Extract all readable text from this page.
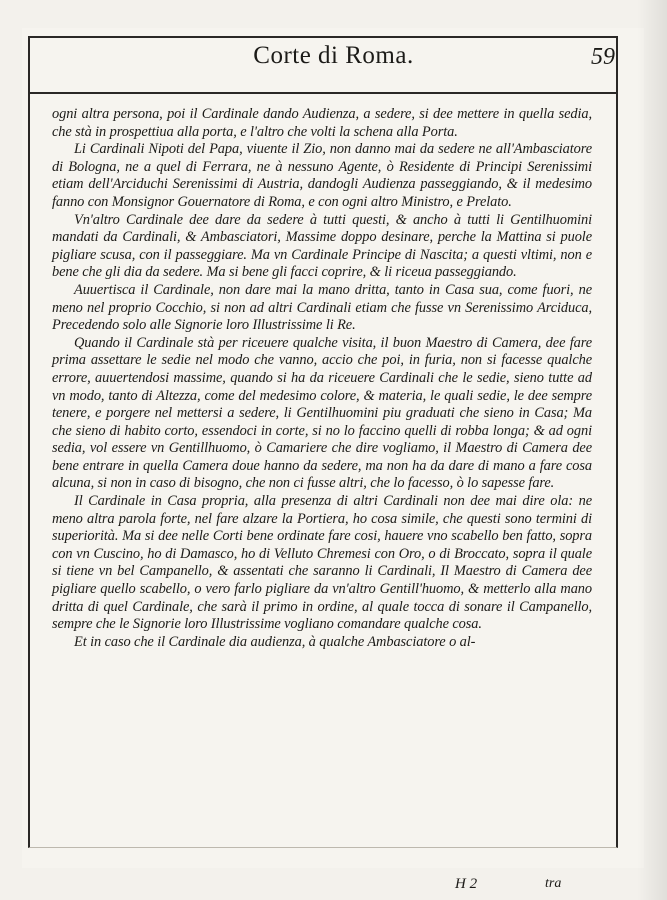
Corte di Roma.	59

ogni altra persona, poi il Cardinale dando Audienza, a sedere, si dee mettere in quella sedia, che stà in prospettiua alla porta, e l'altro che volti la schena alla Porta.

Li Cardinali Nipoti del Papa, viuente il Zio, non danno mai da sedere ne all'Ambasciatore di Bologna, ne a quel di Ferrara, ne à nessuno Agente, ò Residente di Principi Serenissimi etiam dell'Arciduchi Serenissimi di Austria, dandogli Audienza passeggiando, & il medesimo fanno con Monsignor Gouernatore di Roma, e con ogni altro Ministro, e Prelato.

Vn'altro Cardinale dee dare da sedere à tutti questi, & ancho à tutti li Gentilhuomini mandati da Cardinali, & Ambasciatori, Massime doppo desinare, perche la Mattina si puole pigliare scusa, con il passeggiare. Ma vn Cardinale Principe di Nascita; a questi vltimi, non e bene che gli dia da sedere. Ma si bene gli facci coprire, & li riceua passeggiando.

Auuertisca il Cardinale, non dare mai la mano dritta, tanto in Casa sua, come fuori, ne meno nel proprio Cocchio, si non ad altri Cardinali etiam che fusse vn Serenissimo Arciduca, Precedendo solo alle Signorie loro Illustrissime li Re.

Quando il Cardinale stà per riceuere qualche visita, il buon Maestro di Camera, dee fare prima assettare le sedie nel modo che vanno, accio che poi, in furia, non si facesse qualche errore, auuertendosi massime, quando si ha da riceuere Cardinali che le sedie, sieno tutte ad vn modo, tanto di Altezza, come del medesimo colore, & materia, le quali sedie, le dee sempre tenere, e porgere nel mettersi a sedere, li Gentilhuomini piu graduati che sieno in Casa; Ma che sieno di habito corto, essendoci in corte, si no lo faccino quelli di robba longa; & ad ogni sedia, vol essere vn Gentillhuomo, ò Camariere che dire vogliamo, il Maestro di Camera dee bene entrare in quella Camera doue hanno da sedere, ma non ha da dare di mano a fare cosa alcuna, si non in caso di bisogno, che non ci fusse altri, che lo facesso, ò lo sapesse fare.

Il Cardinale in Casa propria, alla presenza di altri Cardinali non dee mai dire ola: ne meno altra parola forte, nel fare alzare la Portiera, ho cosa simile, che questi sono termini di superiorità. Ma si dee nelle Corti bene ordinate fare cosi, hauere vno scabello ben fatto, sopra con vn Cuscino, ho di Damasco, ho di Velluto Chremesi con Oro, o di Broccato, sopra il quale si tiene vn bel Campanello, & assentati che saranno li Cardinali, Il Maestro di Camera dee pigliare quello scabello, o vero farlo pigliare da vn'altro Gentill'huomo, & metterlo alla mano dritta di quel Cardinale, che sarà il primo in ordine, al quale tocca di sonare il Campanello, sempre che le Signorie loro Illustrissime vogliano comandare qualche cosa.

Et in caso che il Cardinale dia audienza, à qualche Ambasciatore o al-

H 2	tra
